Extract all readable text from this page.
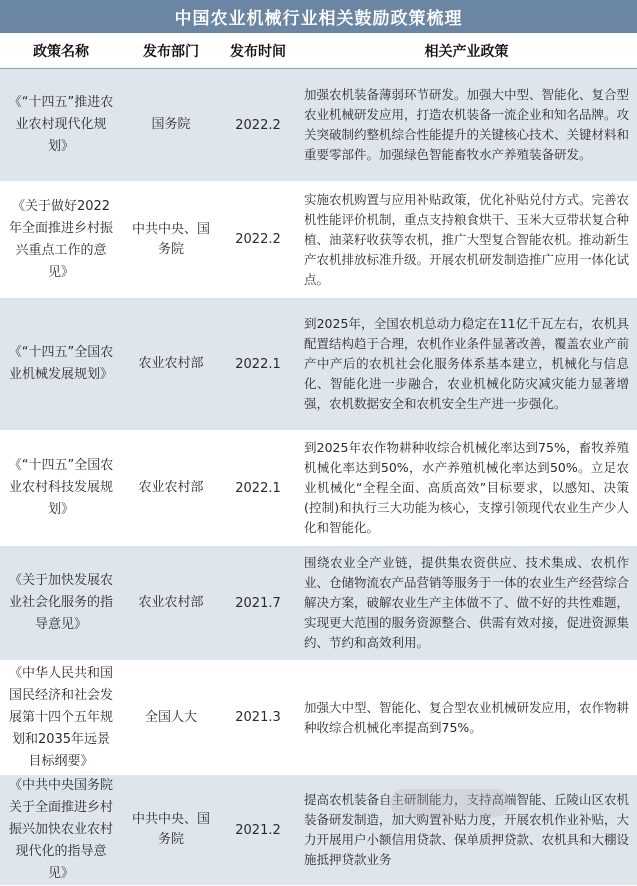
中国农业机械行业相关鼓励政策梳理
政策名称	发布部门	发布时间	相关产业政策
《“十四五”推进农业农村现代化规划》	国务院	2022.2	加强农机装备薄弱环节研发。加强大中型、智能化、复合型农业机械研发应用，打造农机装备一流企业和知名品牌。攻关突破制约整机综合性能提升的关键核心技术、关键材料和重要零部件。加强绿色智能畜牧水产养殖装备研发。
《关于做好2022年全面推进乡村振兴重点工作的意见》	中共中央、国务院	2022.2	实施农机购置与应用补贴政策，优化补贴兑付方式。完善农机性能评价机制，重点支持粮食烘干、玉米大豆带状复合种植、油菜籽收获等农机，推广大型复合智能农机。推动新生产农机排放标准升级。开展农机研发制造推广应用一体化试点。
《“十四五”全国农业机械发展规划》	农业农村部	2022.1	到2025年，全国农机总动力稳定在11亿千瓦左右，农机具配置结构趋于合理，农机作业条件显著改善，覆盖农业产前产中产后的农机社会化服务体系基本建立，机械化与信息化、智能化进一步融合，农业机械化防灾减灾能力显著增强，农机数据安全和农机安全生产进一步强化。
《“十四五”全国农业农村科技发展规划》	农业农村部	2022.1	到2025年农作物耕种收综合机械化率达到75%，畜牧养殖机械化率达到50%，水产养殖机械化率达到50%。立足农业机械化“全程全面、高质高效”目标要求，以感知、决策(控制)和执行三大功能为核心，支撑引领现代农业生产少人化和智能化。
《关于加快发展农业社会化服务的指导意见》	农业农村部	2021.7	围绕农业全产业链，提供集农资供应、技术集成、农机作业、仓储物流农产品营销等服务于一体的农业生产经营综合解决方案，破解农业生产主体做不了、做不好的共性难题，实现更大范围的服务资源整合、供需有效对接，促进资源集约、节约和高效利用。
《中华人民共和国国民经济和社会发展第十四个五年规划和2035年远景目标纲要》	全国人大	2021.3	加强大中型、智能化、复合型农业机械研发应用，农作物耕种收综合机械化率提高到75%。
《中共中央国务院关于全面推进乡村振兴加快农业农村现代化的指导意见》	中共中央、国务院	2021.2	提高农机装备自主研制能力，支持高端智能、丘陵山区农机装备研发制造，加大购置补贴力度，开展农机作业补贴，大力开展用户小额信用贷款、保单质押贷款、农机具和大棚设施抵押贷款业务
